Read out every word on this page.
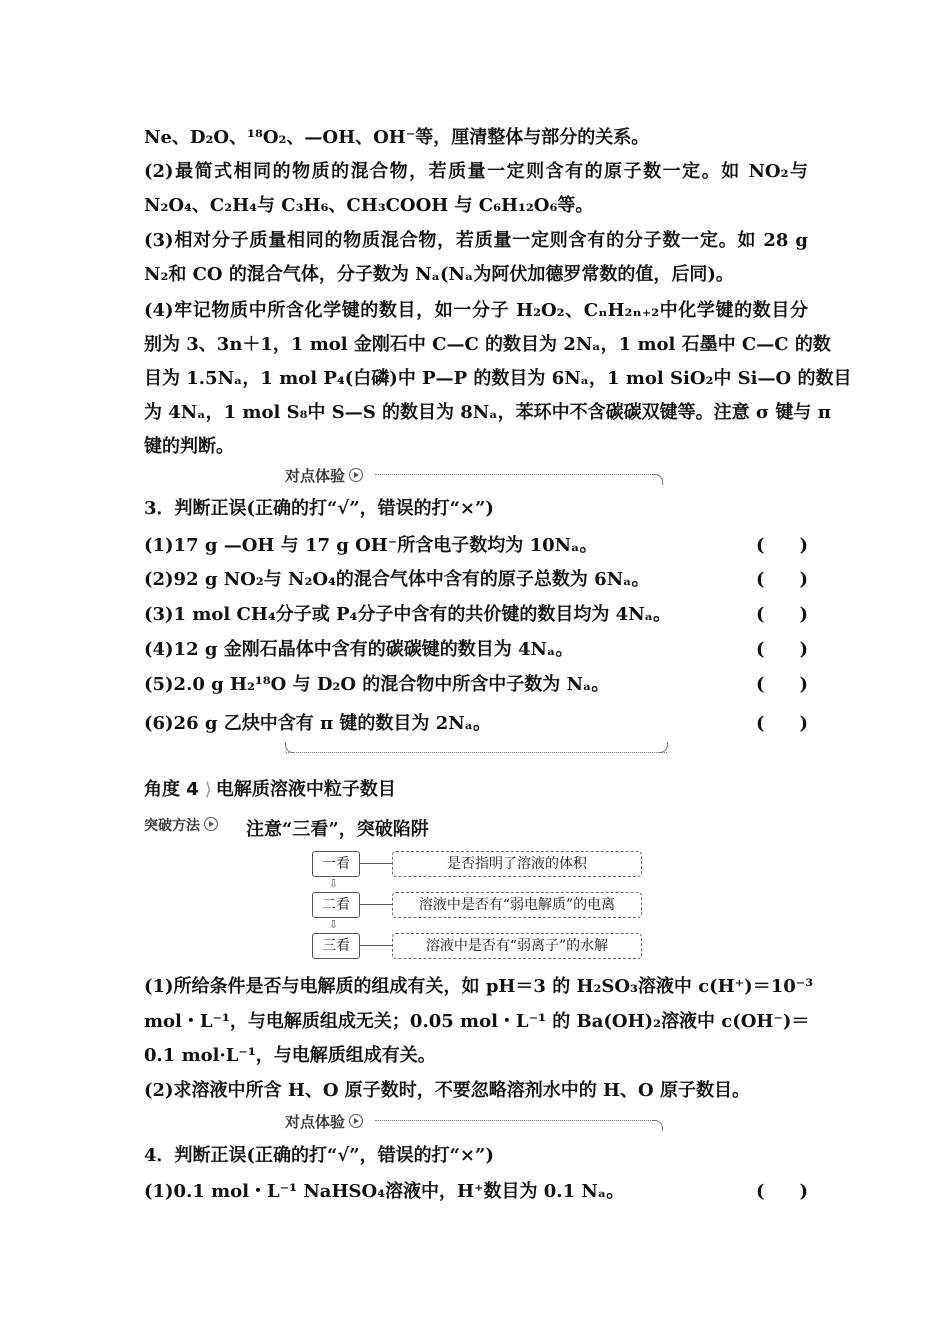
Ne、D₂O、¹⁸O₂、—OH、OH⁻等，厘清整体与部分的关系。
(2)最简式相同的物质的混合物，若质量一定则含有的原子数一定。如 NO₂与
N₂O₄、C₂H₄与 C₃H₆、CH₃COOH 与 C₆H₁₂O₆等。
(3)相对分子质量相同的物质混合物，若质量一定则含有的分子数一定。如 28 g
N₂和 CO 的混合气体，分子数为 Nₐ(Nₐ为阿伏加德罗常数的值，后同)。
(4)牢记物质中所含化学键的数目，如一分子 H₂O₂、CₙH₂ₙ₊₂中化学键的数目分
别为 3、3n＋1，1 mol 金刚石中 C—C 的数目为 2Nₐ，1 mol 石墨中 C—C 的数
目为 1.5Nₐ，1 mol P₄(白磷)中 P—P 的数目为 6Nₐ，1 mol SiO₂中 Si—O 的数目
为 4Nₐ，1 mol S₈中 S—S 的数目为 8Nₐ，苯环中不含碳碳双键等。注意 σ 键与 π
键的判断。
对点体验
3．判断正误(正确的打“√”，错误的打“×”)
(1)17 g —OH 与 17 g OH⁻所含电子数均为 10Nₐ。	( )
(2)92 g NO₂与 N₂O₄的混合气体中含有的原子总数为 6Nₐ。	( )
(3)1 mol CH₄分子或 P₄分子中含有的共价键的数目均为 4Nₐ。	( )
(4)12 g 金刚石晶体中含有的碳碳键的数目为 4Nₐ。	( )
(5)2.0 g H₂¹⁸O 与 D₂O 的混合物中所含中子数为 Nₐ。	( )
(6)26 g 乙炔中含有 π 键的数目为 2Nₐ。	( )
角度 4 ⟩ 电解质溶液中粒子数目
突破方法	注意“三看”，突破陷阱
一看	是否指明了溶液的体积
⇩
二看	溶液中是否有“弱电解质”的电离
⇩
三看	溶液中是否有“弱离子”的水解
(1)所给条件是否与电解质的组成有关，如 pH＝3 的 H₂SO₃溶液中 c(H⁺)＝10⁻³
mol・L⁻¹，与电解质组成无关；0.05 mol・L⁻¹ 的 Ba(OH)₂溶液中 c(OH⁻)＝
0.1 mol·L⁻¹，与电解质组成有关。
(2)求溶液中所含 H、O 原子数时，不要忽略溶剂水中的 H、O 原子数目。
对点体验
4．判断正误(正确的打“√”，错误的打“×”)
(1)0.1 mol・L⁻¹ NaHSO₄溶液中，H⁺数目为 0.1 Nₐ。	( )
